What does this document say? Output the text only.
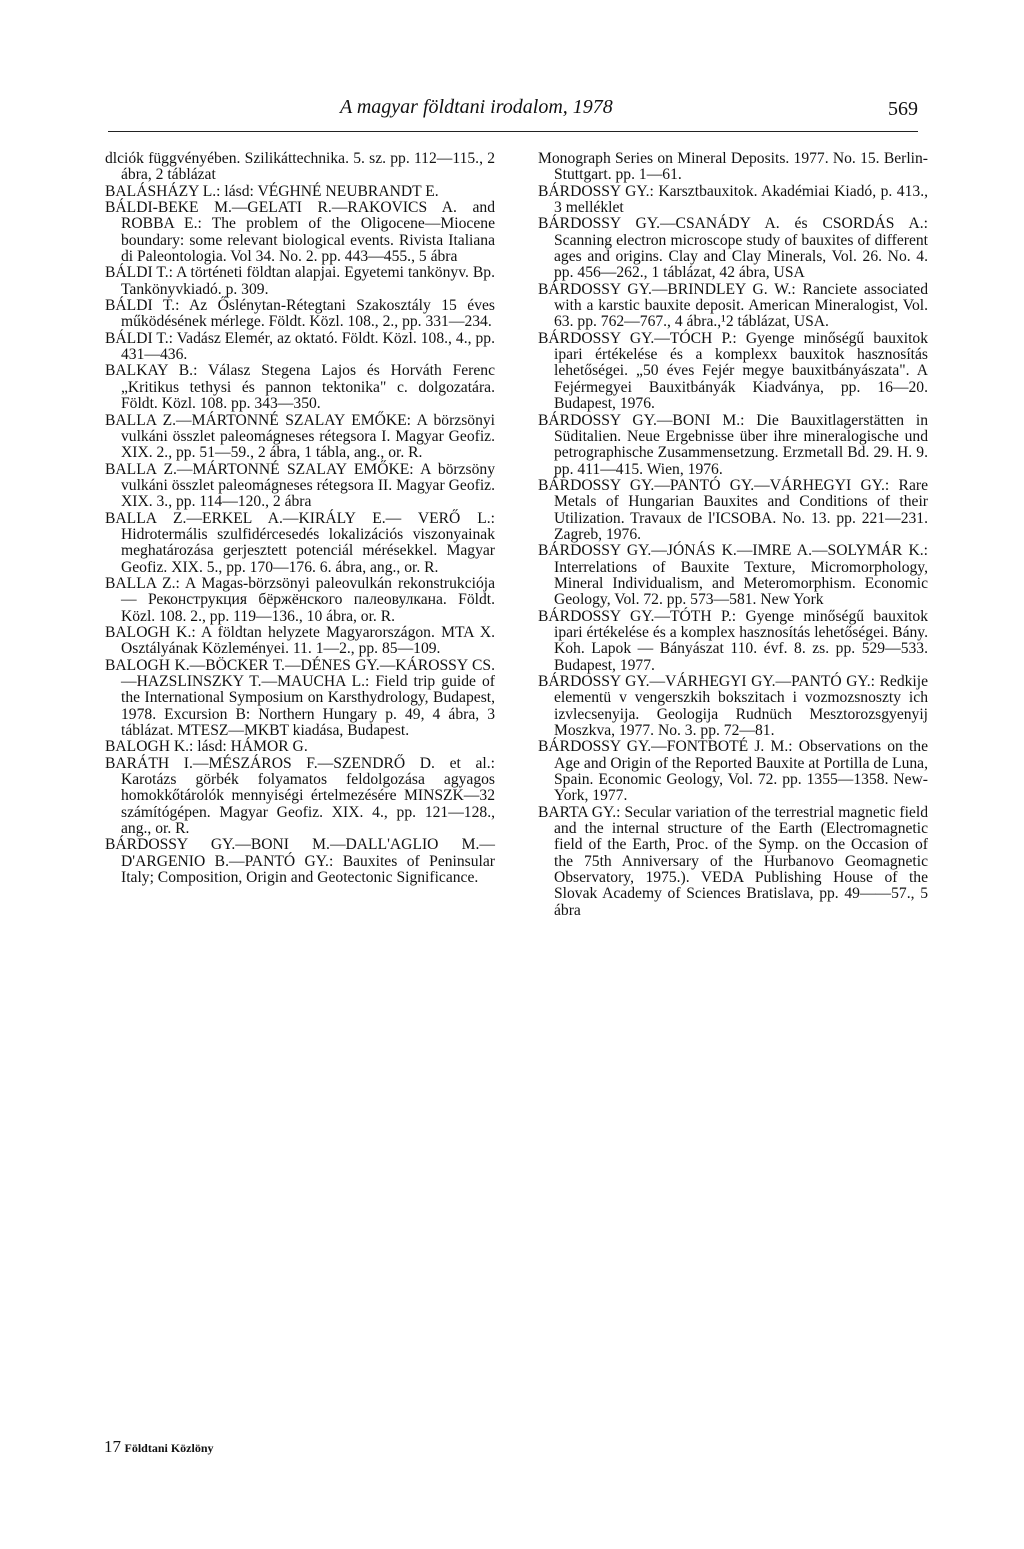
A magyar földtani irodalom, 1978	569

dlciók függvényében. Szilikáttechnika. 5. sz. pp. 112—115., 2 ábra, 2 táblázat

BALÁSHÁZY L.: lásd: VÉGHNÉ NEUBRANDT E.

BÁLDI-BEKE M.—GELATI R.—RAKOVICS A. and ROBBA E.: The problem of the Oligocene—Miocene boundary: some relevant biological events. Rivista Italiana di Paleontologia. Vol 34. No. 2. pp. 443—455., 5 ábra

BÁLDI T.: A történeti földtan alapjai. Egyetemi tankönyv. Bp. Tankönyvkiadó. p. 309.

BÁLDI T.: Az Őslénytan-Rétegtani Szakosztály 15 éves működésének mérlege. Földt. Közl. 108., 2., pp. 331—234.

BÁLDI T.: Vadász Elemér, az oktató. Földt. Közl. 108., 4., pp. 431—436.

BALKAY B.: Válasz Stegena Lajos és Horváth Ferenc „Kritikus tethysi és pannon tektonika" c. dolgozatára. Földt. Közl. 108. pp. 343—350.

BALLA Z.—MÁRTONNÉ SZALAY EMŐKE: A börzsönyi vulkáni összlet paleomágneses rétegsora I. Magyar Geofiz. XIX. 2., pp. 51—59., 2 ábra, 1 tábla, ang., or. R.

BALLA Z.—MÁRTONNÉ SZALAY EMŐKE: A börzsöny vulkáni összlet paleomágneses rétegsora II. Magyar Geofiz. XIX. 3., pp. 114—120., 2 ábra

BALLA Z.—ERKEL A.—KIRÁLY E.— VERŐ L.: Hidrotermális szulfidércesedés lokalizációs viszonyainak meghatározása gerjesztett potenciál mérésekkel. Magyar Geofiz. XIX. 5., pp. 170—176. 6. ábra, ang., or. R.

BALLA Z.: A Magas-börzsönyi paleovulkán rekonstrukciója — Реконструкция бёржёнского палеовулкана. Földt. Közl. 108. 2., pp. 119—136., 10 ábra, or. R.

BALOGH K.: A földtan helyzete Magyarországon. MTA X. Osztályának Közleményei. 11. 1—2., pp. 85—109.

BALOGH K.—BÖCKER T.—DÉNES GY.—KÁROSSY CS.—HAZSLINSZKY T.—MAUCHA L.: Field trip guide of the International Symposium on Karsthydrology, Budapest, 1978. Excursion B: Northern Hungary p. 49, 4 ábra, 3 táblázat. MTESZ—MKBT kiadása, Budapest.

BALOGH K.: lásd: HÁMOR G.

BARÁTH I.—MÉSZÁROS F.—SZENDRŐ D. et al.: Karotázs görbék folyamatos feldolgozása agyagos homokkőtárolók mennyiségi értelmezésére MINSZK—32 számítógépen. Magyar Geofiz. XIX. 4., pp. 121—128., ang., or. R.

BÁRDOSSY GY.—BONI M.—DALL'AGLIO M.—D'ARGENIO B.—PANTÓ GY.: Bauxites of Peninsular Italy; Composition, Origin and Geotectonic Significance.

Monograph Series on Mineral Deposits. 1977. No. 15. Berlin-Stuttgart. pp. 1—61.

BÁRDOSSY GY.: Karsztbauxitok. Akadémiai Kiadó, p. 413., 3 melléklet

BÁRDOSSY GY.—CSANÁDY A. és CSORDÁS A.: Scanning electron microscope study of bauxites of different ages and origins. Clay and Clay Minerals, Vol. 26. No. 4. pp. 456—262., 1 táblázat, 42 ábra, USA

BÁRDOSSY GY.—BRINDLEY G. W.: Ranciete associated with a karstic bauxite deposit. American Mineralogist, Vol. 63. pp. 762—767., 4 ábra.,¹2 táblázat, USA.

BÁRDOSSY GY.—TÓCH P.: Gyenge minőségű bauxitok ipari értékelése és a komplexx bauxitok hasznosítás lehetőségei. „50 éves Fejér megye bauxitbányászata". A Fejérmegyei Bauxitbányák Kiadványa, pp. 16—20. Budapest, 1976.

BÁRDOSSY GY.—BONI M.: Die Bauxitlagerstätten in Süditalien. Neue Ergebnisse über ihre mineralogische und petrographische Zusammensetzung. Erzmetall Bd. 29. H. 9. pp. 411—415. Wien, 1976.

BÁRDOSSY GY.—PANTÓ GY.—VÁRHEGYI GY.: Rare Metals of Hungarian Bauxites and Conditions of their Utilization. Travaux de l'ICSOBA. No. 13. pp. 221—231. Zagreb, 1976.

BÁRDOSSY GY.—JÓNÁS K.—IMRE A.—SOLYMÁR K.: Interrelations of Bauxite Texture, Micromorphology, Mineral Individualism, and Meteromorphism. Economic Geology, Vol. 72. pp. 573—581. New York

BÁRDOSSY GY.—TÓTH P.: Gyenge minőségű bauxitok ipari értékelése és a komplex hasznosítás lehetőségei. Bány. Koh. Lapok — Bányászat 110. évf. 8. zs. pp. 529—533. Budapest, 1977.

BÁRDOSSY GY.—VÁRHEGYI GY.—PANTÓ GY.: Redkije elementü v vengerszkih bokszitach i vozmozsnoszty ich izvlecsenyija. Geologija Rudnüch Mesztorozsgyenyij Moszkva, 1977. No. 3. pp. 72—81.

BÁRDOSSY GY.—FONTBOTÉ J. M.: Observations on the Age and Origin of the Reported Bauxite at Portilla de Luna, Spain. Economic Geology, Vol. 72. pp. 1355—1358. New-York, 1977.

BARTA GY.: Secular variation of the terrestrial magnetic field and the internal structure of the Earth (Electromagnetic field of the Earth, Proc. of the Symp. on the Occasion of the 75th Anniversary of the Hurbanovo Geomagnetic Observatory, 1975.). VEDA Publishing House of the Slovak Academy of Sciences Bratislava, pp. 49——57., 5 ábra

17 Földtani Közlöny
